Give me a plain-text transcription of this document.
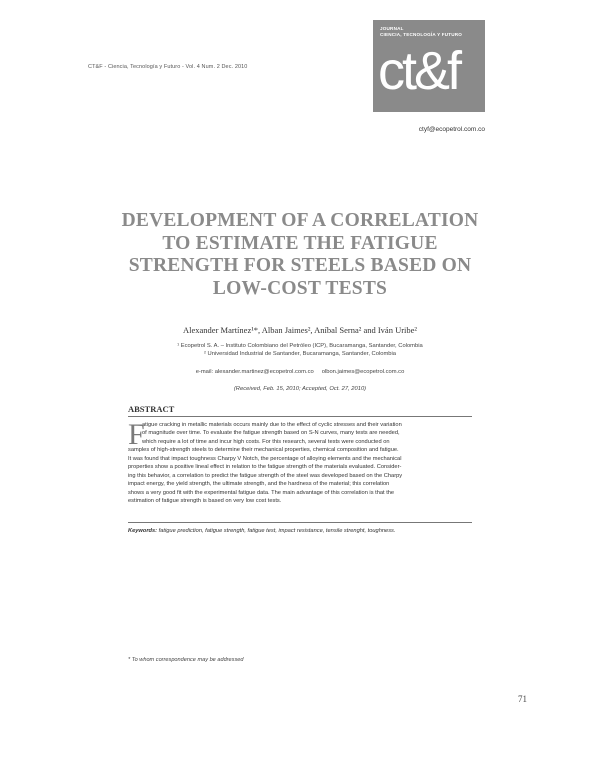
CT&F - Ciencia, Tecnología y Futuro - Vol. 4 Num. 2 Dec. 2010
JOURNAL
CIENCIA, TECNOLOGÍA Y FUTURO
ct&f
ctyf@ecopetrol.com.co
DEVELOPMENT OF A CORRELATION
TO ESTIMATE THE FATIGUE
STRENGTH FOR STEELS BASED ON
LOW-COST TESTS
Alexander Martínez¹*, Alban Jaimes², Aníbal Serna² and Iván Uribe²
¹ Ecopetrol S. A. – Instituto Colombiano del Petróleo (ICP), Bucaramanga, Santander, Colombia
² Universidad Industrial de Santander, Bucaramanga, Santander, Colombia
e-mail: alexander.martinez@ecopetrol.com.co olbon.jaimes@ecopetrol.com.co
(Received, Feb. 15, 2010; Accepted, Oct. 27, 2010)
ABSTRACT
F
atigue cracking in metallic materials occurs mainly due to the effect of cyclic stresses and their variation
of magnitude over time. To evaluate the fatigue strength based on S-N curves, many tests are needed,
which require a lot of time and incur high costs. For this research, several tests were conducted on
samples of high-strength steels to determine their mechanical properties, chemical composition and fatigue.
It was found that impact toughness Charpy V Notch, the percentage of alloying elements and the mechanical
properties show a positive lineal effect in relation to the fatigue strength of the materials evaluated. Consider-
ing this behavior, a correlation to predict the fatigue strength of the steel was developed based on the Charpy
impact energy, the yield strength, the ultimate strength, and the hardness of the material; this correlation
shows a very good fit with the experimental fatigue data. The main advantage of this correlation is that the
estimation of fatigue strength is based on very low cost tests.
Keywords: fatigue prediction, fatigue strength, fatigue test, impact resistance, tensile strenght, toughness.
* To whom correspondence may be addressed
71
